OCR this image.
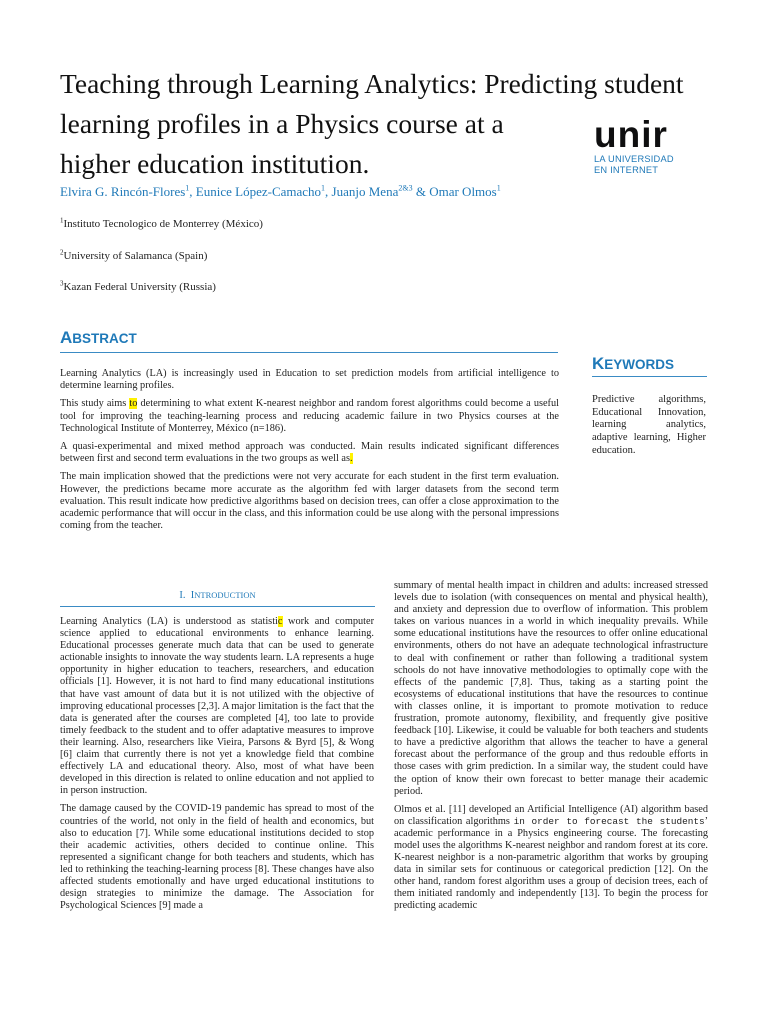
Teaching through Learning Analytics: Predicting student
learning profiles in a Physics course at a
higher education institution.
unir
LA UNIVERSIDAD
EN INTERNET
Elvira G. Rincón-Flores$^1$, Eunice López-Camacho$^1$, Juanjo Mena$^{2\&3}$ & Omar Olmos$^1$
$^1$Instituto Tecnologico de Monterrey (México)
$^2$University of Salamanca (Spain)
$^3$Kazan Federal University (Russia)
ABSTRACT

Learning Analytics (LA) is increasingly used in Education to set prediction models from artificial intelligence to determine learning profiles.

This study aims to determining to what extent K-nearest neighbor and random forest algorithms could become a useful tool for improving the teaching-learning process and reducing academic failure in two Physics courses at the Technological Institute of Monterrey, México (n=186).

A quasi-experimental and mixed method approach was conducted. Main results indicated significant differences between first and second term evaluations in the two groups as well as.

The main implication showed that the predictions were not very accurate for each student in the first term evaluation. However, the predictions became more accurate as the algorithm fed with larger datasets from the second term evaluation. This result indicate how predictive algorithms based on decision trees, can offer a close approximation to the academic performance that will occur in the class, and this information could be use along with the personal impressions coming from the teacher.

KEYWORDS
Predictive algorithms, Educational Innovation, learning analytics, adaptive learning, Higher education.
I. INTRODUCTION

Learning Analytics (LA) is understood as statistic work and computer science applied to educational environments to enhance learning. Educational processes generate much data that can be used to generate actionable insights to innovate the way students learn. LA represents a huge opportunity in higher education to teachers, researchers, and education officials [1]. However, it is not hard to find many educational institutions that have vast amount of data but it is not utilized with the objective of improving educational processes [2,3]. A major limitation is the fact that the data is generated after the courses are completed [4], too late to provide timely feedback to the student and to offer adaptative measures to improve their learning. Also, researchers like Vieira, Parsons & Byrd [5], & Wong [6] claim that currently there is not yet a knowledge field that combine effectively LA and educational theory. Also, most of what have been developed in this direction is related to online education and not applied to in person instruction.

The damage caused by the COVID-19 pandemic has spread to most of the countries of the world, not only in the field of health and economics, but also to education [7]. While some educational institutions decided to stop their academic activities, others decided to continue online. This represented a significant change for both teachers and students, which has led to rethinking the teaching-learning process [8]. These changes have also affected students emotionally and have urged educational institutions to design strategies to minimize the damage. The Association for Psychological Sciences [9] made a

summary of mental health impact in children and adults: increased stressed levels due to isolation (with consequences on mental and physical health), and anxiety and depression due to overflow of information. This problem takes on various nuances in a world in which inequality prevails. While some educational institutions have the resources to offer online educational environments, others do not have an adequate technological infrastructure to deal with confinement or rather than following a traditional system schools do not have innovative methodologies to optimally cope with the effects of the pandemic [7,8]. Thus, taking as a starting point the ecosystems of educational institutions that have the resources to continue with classes online, it is important to promote motivation to reduce frustration, promote autonomy, flexibility, and frequently give positive feedback [10]. Likewise, it could be valuable for both teachers and students to have a predictive algorithm that allows the teacher to have a general forecast about the performance of the group and thus redouble efforts in those cases with grim prediction. In a similar way, the student could have the option of know their own forecast to better manage their academic period.

Olmos et al. [11] developed an Artificial Intelligence (AI) algorithm based on classification algorithms in order to forecast the students’ academic performance in a Physics engineering course. The forecasting model uses the algorithms K-nearest neighbor and random forest at its core. K-nearest neighbor is a non-parametric algorithm that works by grouping data in similar sets for continuous or categorical prediction [12]. On the other hand, random forest algorithm uses a group of decision trees, each of them initiated randomly and independently [13]. To begin the process for predicting academic
